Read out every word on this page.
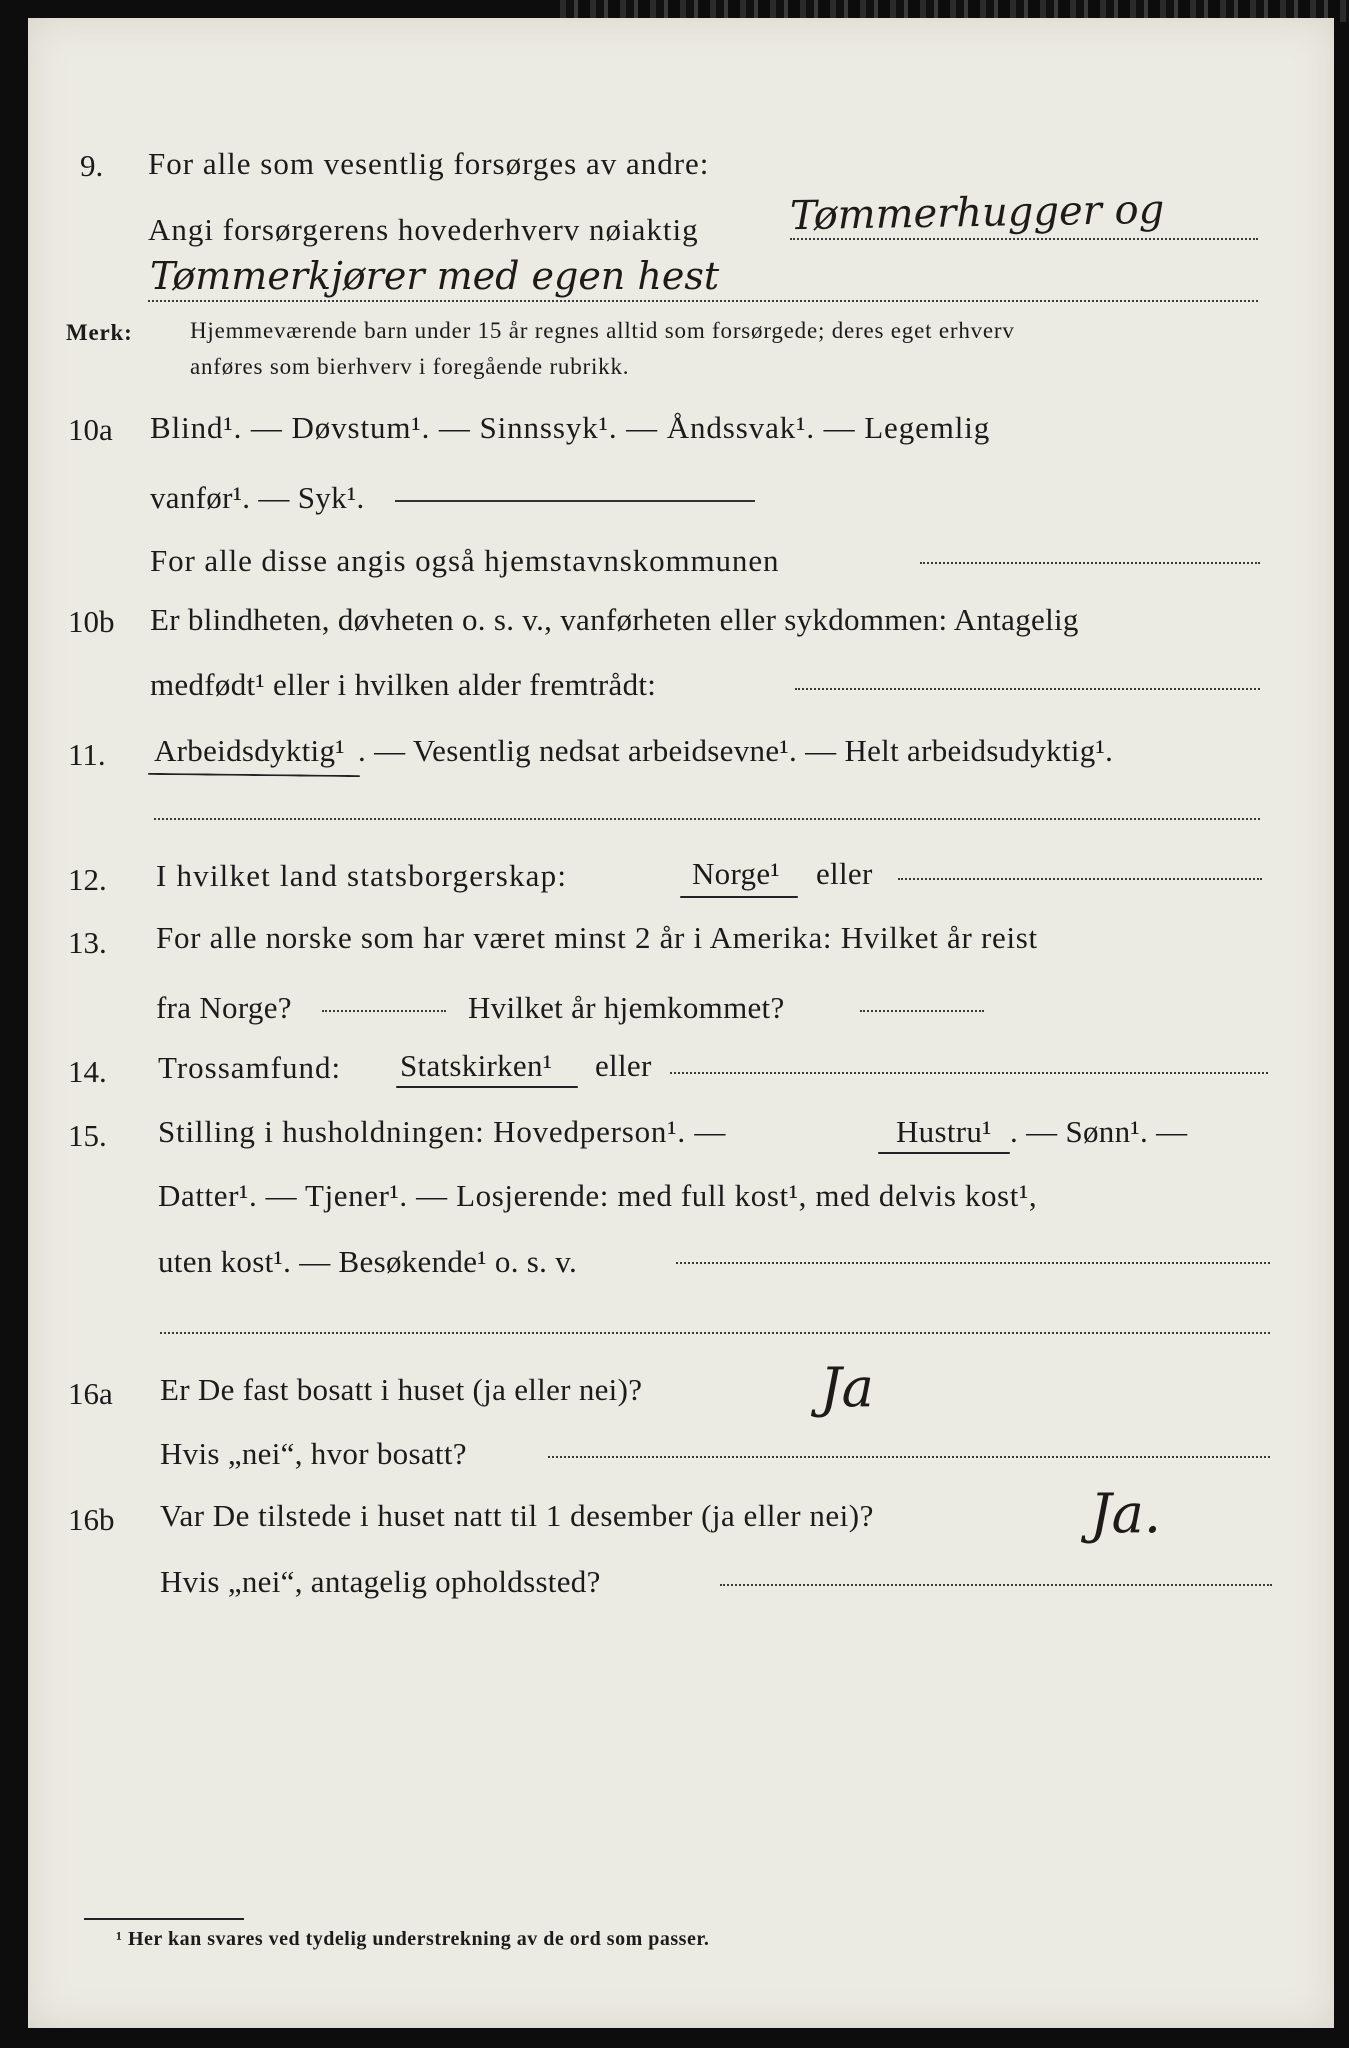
9. For alle som vesentlig forsørges av andre:
Angi forsørgerens hovederhverv nøiaktig Tømmerhugger og
Tømmerkjører med egen hest
Merk: Hjemmeværende barn under 15 år regnes alltid som forsørgede; deres eget erhverv
anføres som bierhverv i foregående rubrikk.
10a Blind¹. — Døvstum¹. — Sinnssyk¹. — Åndssvak¹. — Legemlig
vanfør¹. — Syk¹.
For alle disse angis også hjemstavnskommunen
10b Er blindheten, døvheten o. s. v., vanførheten eller sykdommen: Antagelig
medfødt¹ eller i hvilken alder fremtrådt:
11. Arbeidsdyktig¹ . — Vesentlig nedsat arbeidsevne¹. — Helt arbeidsudyktig¹.
12. I hvilket land statsborgerskap:	Norge¹ eller
13. For alle norske som har været minst 2 år i Amerika: Hvilket år reist
fra Norge?	Hvilket år hjemkommet?
14. Trossamfund: Statskirken¹ eller
15. Stilling i husholdningen: Hovedperson¹. —	Hustru¹ . — Sønn¹. —
Datter¹. — Tjener¹. — Losjerende: med full kost¹, med delvis kost¹,
uten kost¹. — Besøkende¹ o. s. v.
16a Er De fast bosatt i huset (ja eller nei)?	Ja
Hvis „nei“, hvor bosatt?
16b Var De tilstede i huset natt til 1 desember (ja eller nei)?	Ja.
Hvis „nei“, antagelig opholdssted?
¹ Her kan svares ved tydelig understrekning av de ord som passer.
